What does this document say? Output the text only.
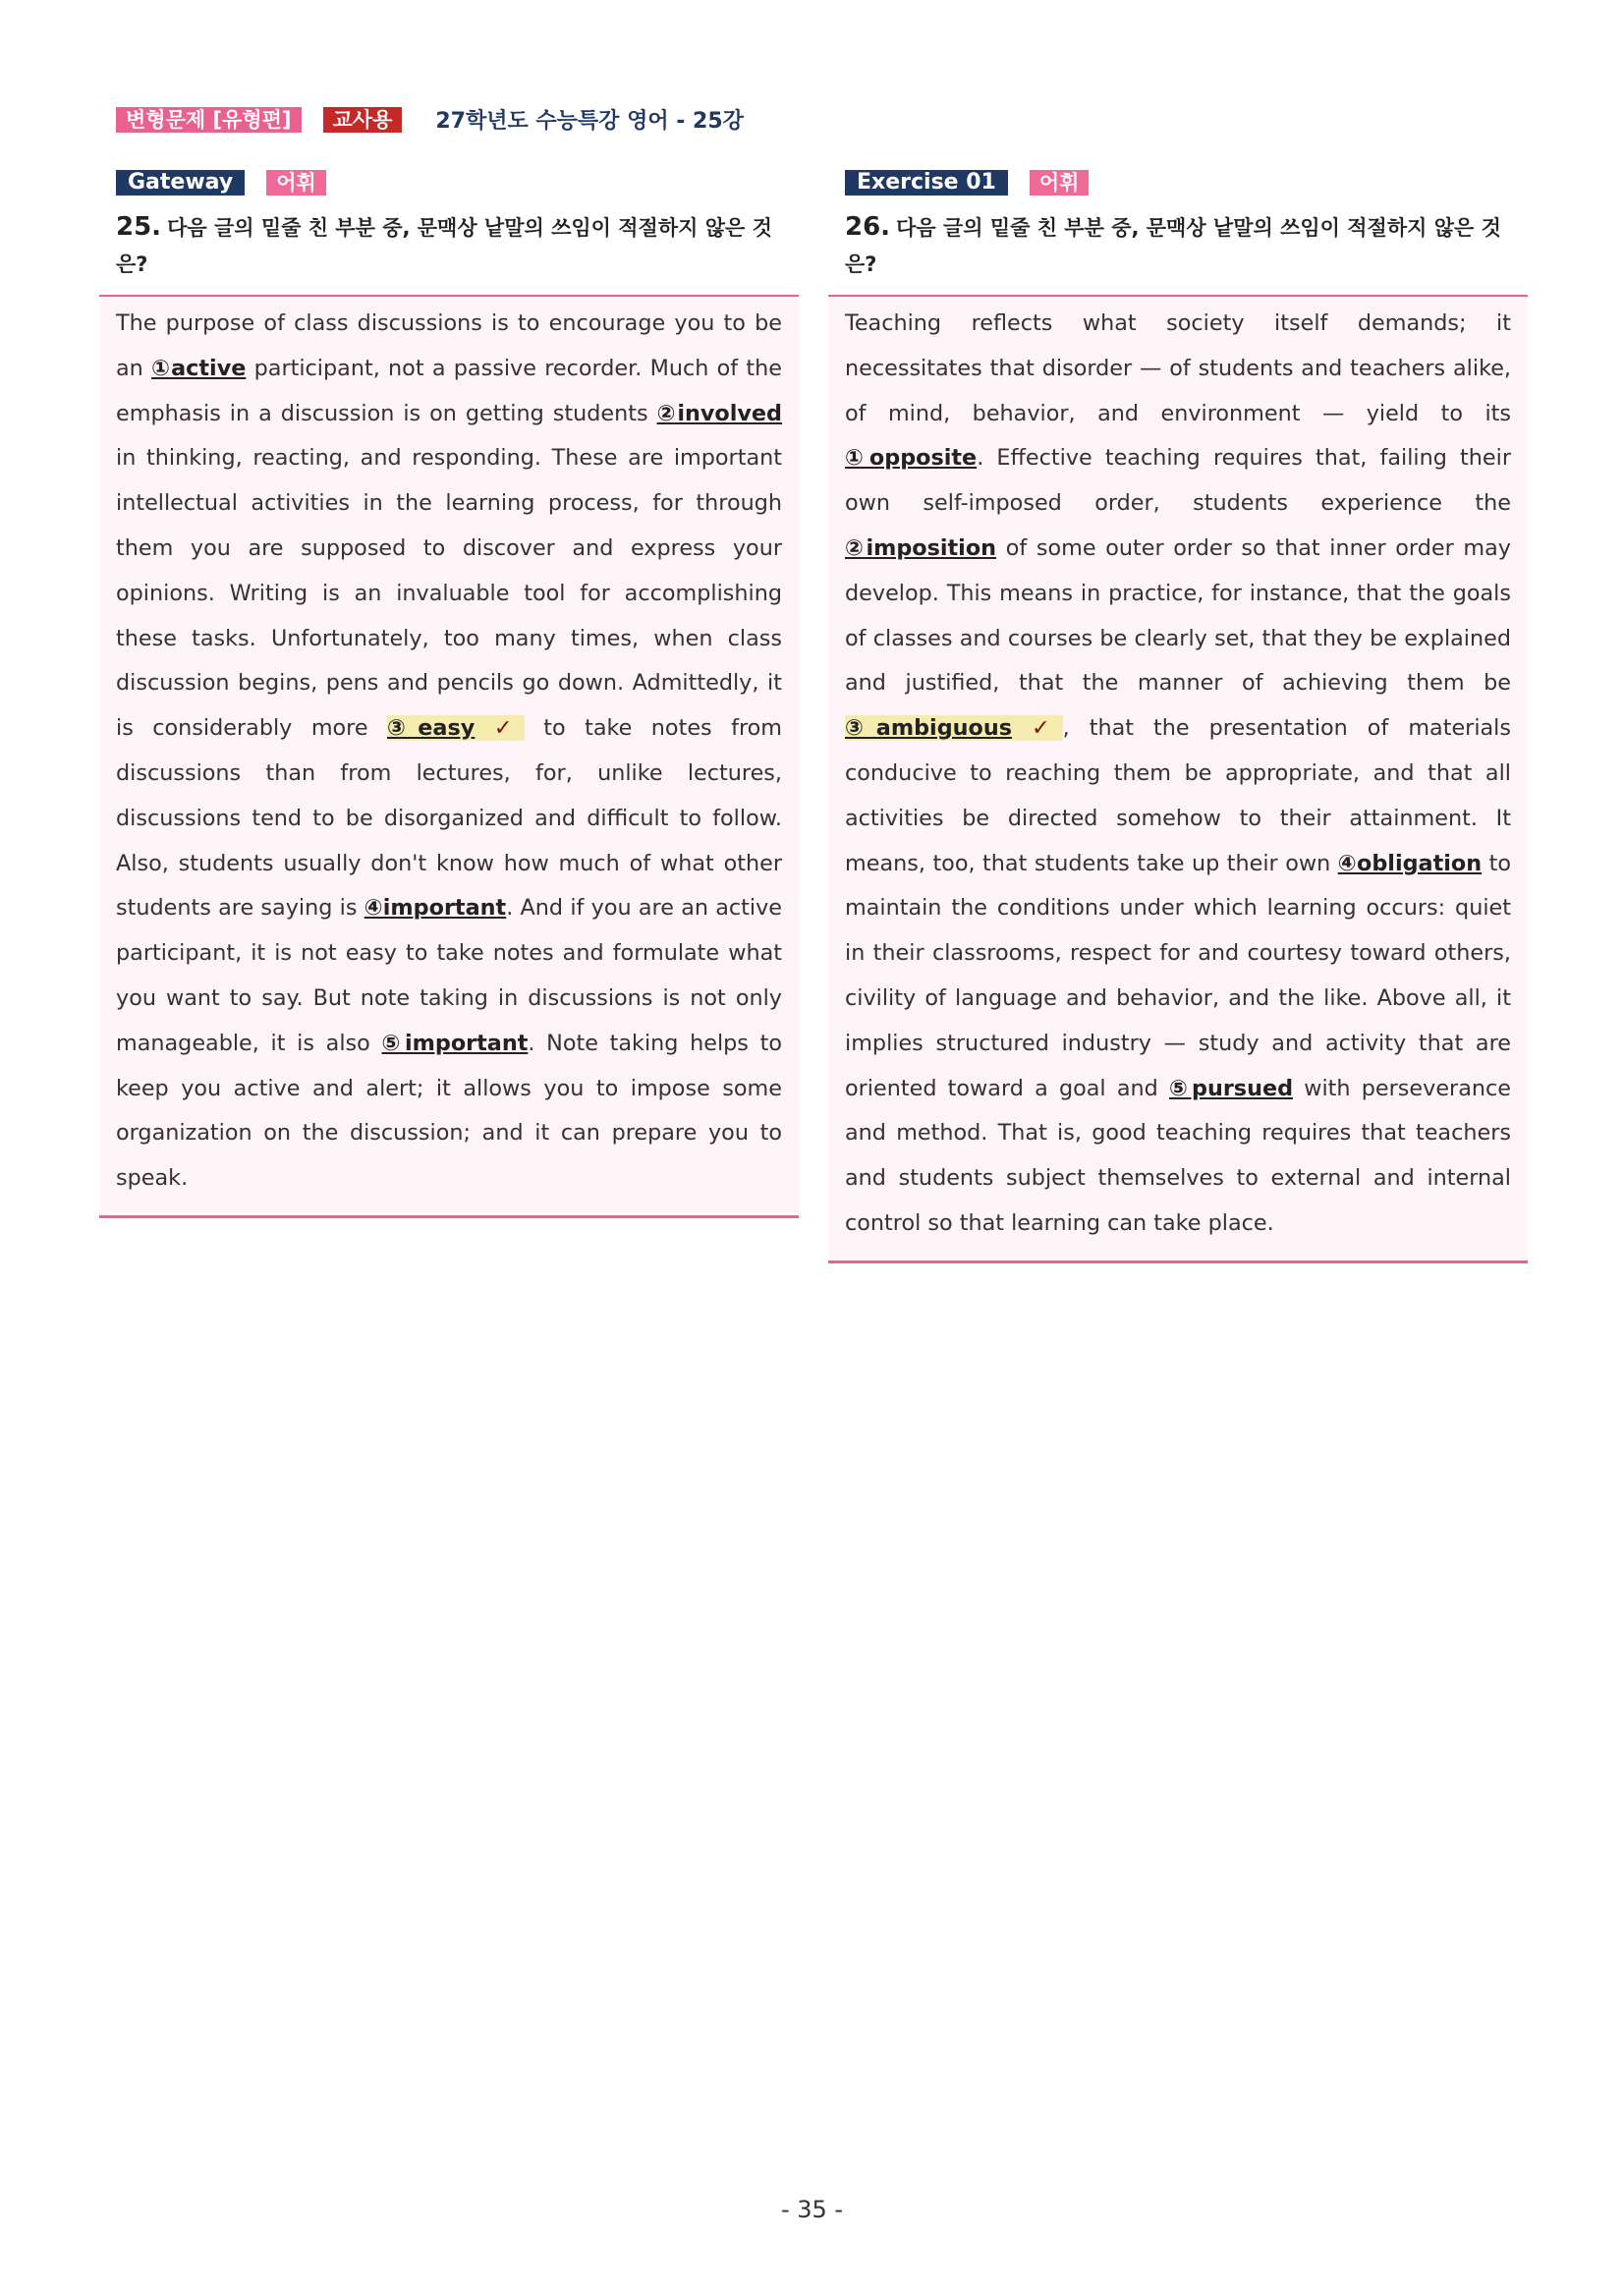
변형문제 [유형편] 교사용 27학년도 수능특강 영어 - 25강
Gateway 어휘
25. 다음 글의 밑줄 친 부분 중, 문맥상 낱말의 쓰임이 적절하지 않은 것은?
The purpose of class discussions is to encourage you to be an ①active participant, not a passive recorder. Much of the emphasis in a discussion is on getting students ②involved in thinking, reacting, and responding. These are important intellectual activities in the learning process, for through them you are supposed to discover and express your opinions. Writing is an invaluable tool for accomplishing these tasks. Unfortunately, too many times, when class discussion begins, pens and pencils go down. Admittedly, it is considerably more ③easy ✓ to take notes from discussions than from lectures, for, unlike lectures, discussions tend to be disorganized and difficult to follow. Also, students usually don't know how much of what other students are saying is ④important. And if you are an active participant, it is not easy to take notes and formulate what you want to say. But note taking in discussions is not only manageable, it is also ⑤important. Note taking helps to keep you active and alert; it allows you to impose some organization on the discussion; and it can prepare you to speak.
Exercise 01 어휘
26. 다음 글의 밑줄 친 부분 중, 문맥상 낱말의 쓰임이 적절하지 않은 것은?
Teaching reflects what society itself demands; it necessitates that disorder — of students and teachers alike, of mind, behavior, and environment — yield to its ①opposite. Effective teaching requires that, failing their own self-imposed order, students experience the ②imposition of some outer order so that inner order may develop. This means in practice, for instance, that the goals of classes and courses be clearly set, that they be explained and justified, that the manner of achieving them be ③ambiguous ✓, that the presentation of materials conducive to reaching them be appropriate, and that all activities be directed somehow to their attainment. It means, too, that students take up their own ④obligation to maintain the conditions under which learning occurs: quiet in their classrooms, respect for and courtesy toward others, civility of language and behavior, and the like. Above all, it implies structured industry — study and activity that are oriented toward a goal and ⑤pursued with perseverance and method. That is, good teaching requires that teachers and students subject themselves to external and internal control so that learning can take place.
- 35 -
